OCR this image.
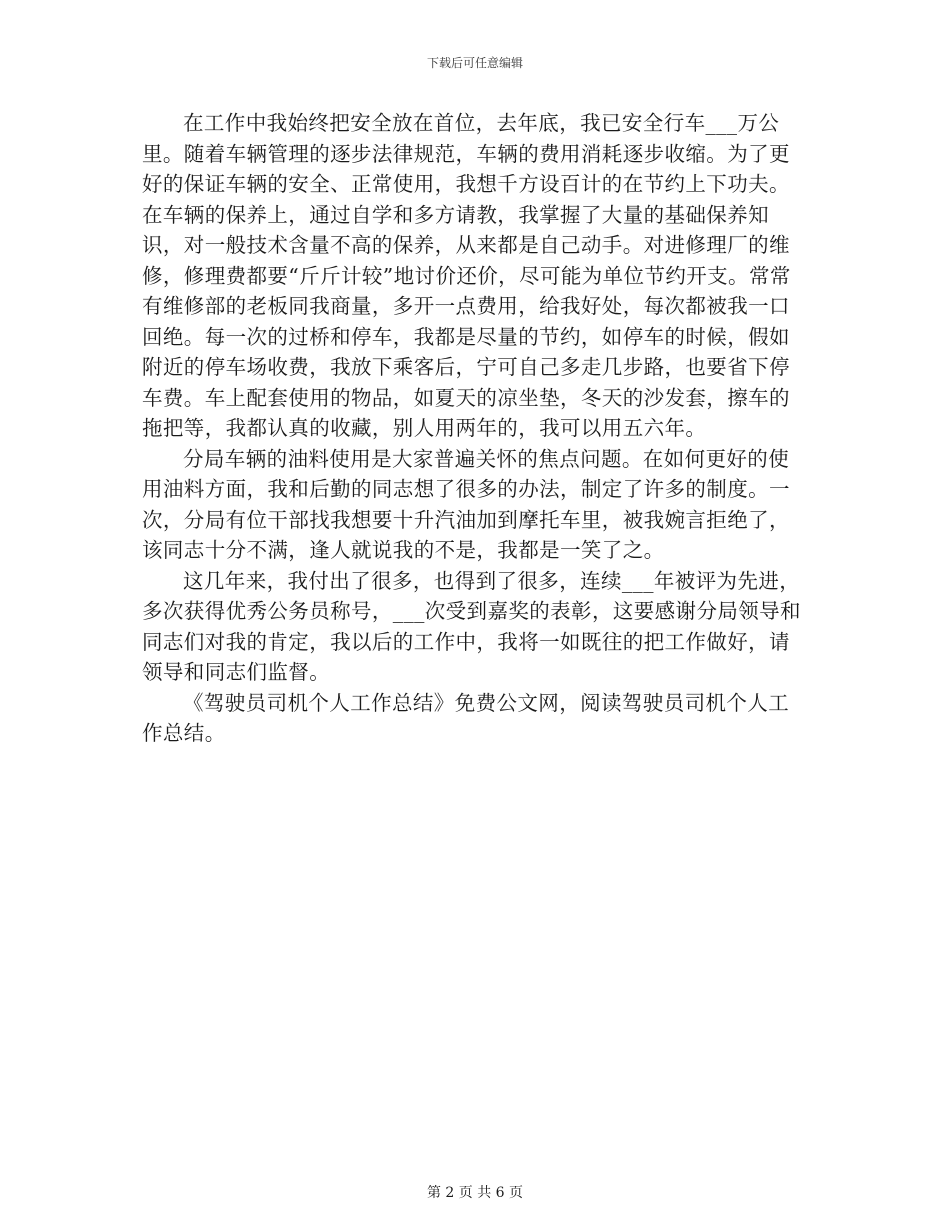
下载后可任意编辑

在工作中我始终把安全放在首位，去年底，我已安全行车___万公里。随着车辆管理的逐步法律规范，车辆的费用消耗逐步收缩。为了更好的保证车辆的安全、正常使用，我想千方设百计的在节约上下功夫。在车辆的保养上，通过自学和多方请教，我掌握了大量的基础保养知识，对一般技术含量不高的保养，从来都是自己动手。对进修理厂的维修，修理费都要“斤斤计较”地讨价还价，尽可能为单位节约开支。常常有维修部的老板同我商量，多开一点费用，给我好处，每次都被我一口回绝。每一次的过桥和停车，我都是尽量的节约，如停车的时候，假如附近的停车场收费，我放下乘客后，宁可自己多走几步路，也要省下停车费。车上配套使用的物品，如夏天的凉坐垫，冬天的沙发套，擦车的拖把等，我都认真的收藏，别人用两年的，我可以用五六年。

分局车辆的油料使用是大家普遍关怀的焦点问题。在如何更好的使用油料方面，我和后勤的同志想了很多的办法，制定了许多的制度。一次，分局有位干部找我想要十升汽油加到摩托车里，被我婉言拒绝了，该同志十分不满，逢人就说我的不是，我都是一笑了之。

这几年来，我付出了很多，也得到了很多，连续___年被评为先进，多次获得优秀公务员称号，___次受到嘉奖的表彰，这要感谢分局领导和同志们对我的肯定，我以后的工作中，我将一如既往的把工作做好，请领导和同志们监督。

《驾驶员司机个人工作总结》免费公文网，阅读驾驶员司机个人工作总结。

第 2 页 共 6 页
